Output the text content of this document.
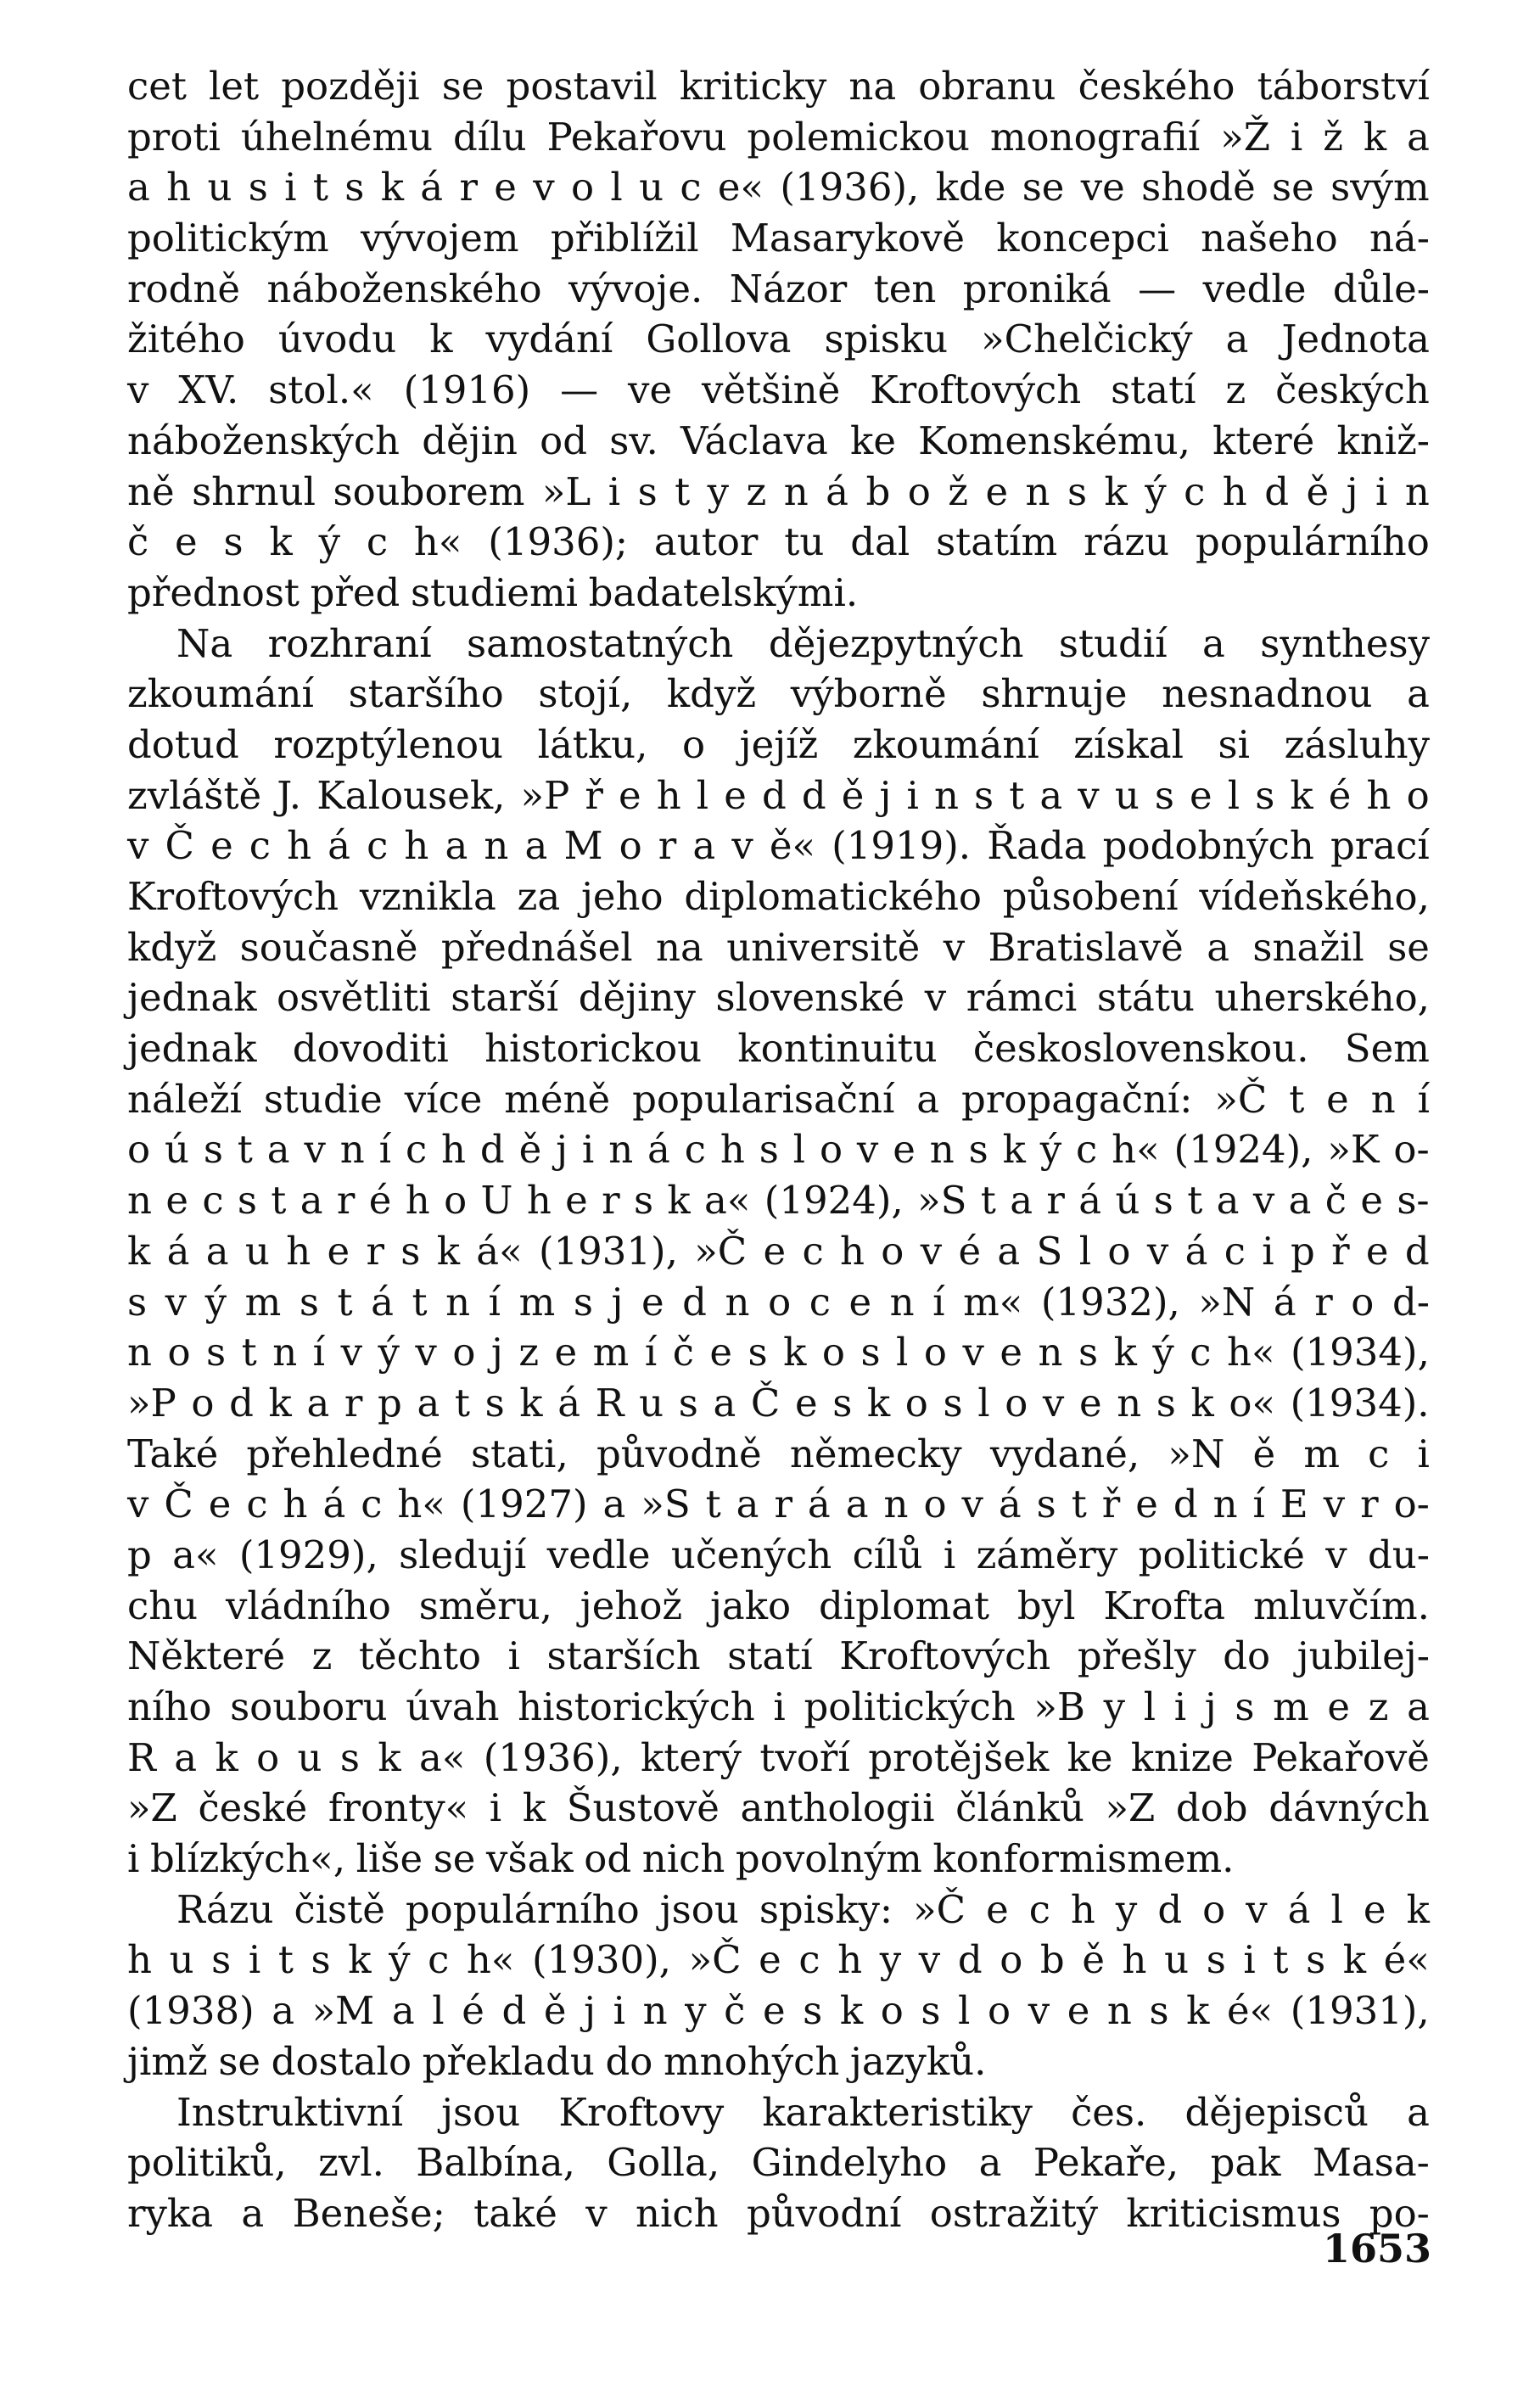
cet let později se postavil kriticky na obranu českého táborství
proti úhelnému dílu Pekařovu polemickou monografií »Ž i ž k a
a h u s i t s k á r e v o l u c e« (1936), kde se ve shodě se svým
politickým vývojem přiblížil Masarykově koncepci našeho ná-
rodně náboženského vývoje. Názor ten proniká — vedle důle-
žitého úvodu k vydání Gollova spisku »Chelčický a Jednota
v XV. stol.« (1916) — ve většině Kroftových statí z českých
náboženských dějin od sv. Václava ke Komenskému, které kniž-
ně shrnul souborem »L i s t y z n á b o ž e n s k ý c h d ě j i n
č e s k ý c h« (1936); autor tu dal statím rázu populárního
přednost před studiemi badatelskými.
Na rozhraní samostatných dějezpytných studií a synthesy
zkoumání staršího stojí, když výborně shrnuje nesnadnou a
dotud rozptýlenou látku, o jejíž zkoumání získal si zásluhy
zvláště J. Kalousek, »P ř e h l e d d ě j i n s t a v u s e l s k é h o
v Č e c h á c h a n a M o r a v ě« (1919). Řada podobných prací
Kroftových vznikla za jeho diplomatického působení vídeňského,
když současně přednášel na universitě v Bratislavě a snažil se
jednak osvětliti starší dějiny slovenské v rámci státu uherského,
jednak dovoditi historickou kontinuitu československou. Sem
náleží studie více méně popularisační a propagační: »Č t e n í
o ú s t a v n í c h d ě j i n á c h s l o v e n s k ý c h« (1924), »K o-
n e c s t a r é h o U h e r s k a« (1924), »S t a r á ú s t a v a č e s-
k á a u h e r s k á« (1931), »Č e c h o v é a S l o v á c i p ř e d
s v ý m s t á t n í m s j e d n o c e n í m« (1932), »N á r o d-
n o s t n í v ý v o j z e m í č e s k o s l o v e n s k ý c h« (1934),
»P o d k a r p a t s k á R u s a Č e s k o s l o v e n s k o« (1934).
Také přehledné stati, původně německy vydané, »N ě m c i
v Č e c h á c h« (1927) a »S t a r á a n o v á s t ř e d n í E v r o-
p a« (1929), sledují vedle učených cílů i záměry politické v du-
chu vládního směru, jehož jako diplomat byl Krofta mluvčím.
Některé z těchto i starších statí Kroftových přešly do jubilej-
ního souboru úvah historických i politických »B y l i j s m e z a
R a k o u s k a« (1936), který tvoří protějšek ke knize Pekařově
»Z české fronty« i k Šustově anthologii článků »Z dob dávných
i blízkých«, liše se však od nich povolným konformismem.
Rázu čistě populárního jsou spisky: »Č e c h y d o v á l e k
h u s i t s k ý c h« (1930), »Č e c h y v d o b ě h u s i t s k é«
(1938) a »M a l é d ě j i n y č e s k o s l o v e n s k é« (1931),
jimž se dostalo překladu do mnohých jazyků.
Instruktivní jsou Kroftovy karakteristiky čes. dějepisců a
politiků, zvl. Balbína, Golla, Gindelyho a Pekaře, pak Masa-
ryka a Beneše; také v nich původní ostražitý kriticismus po-
1653
